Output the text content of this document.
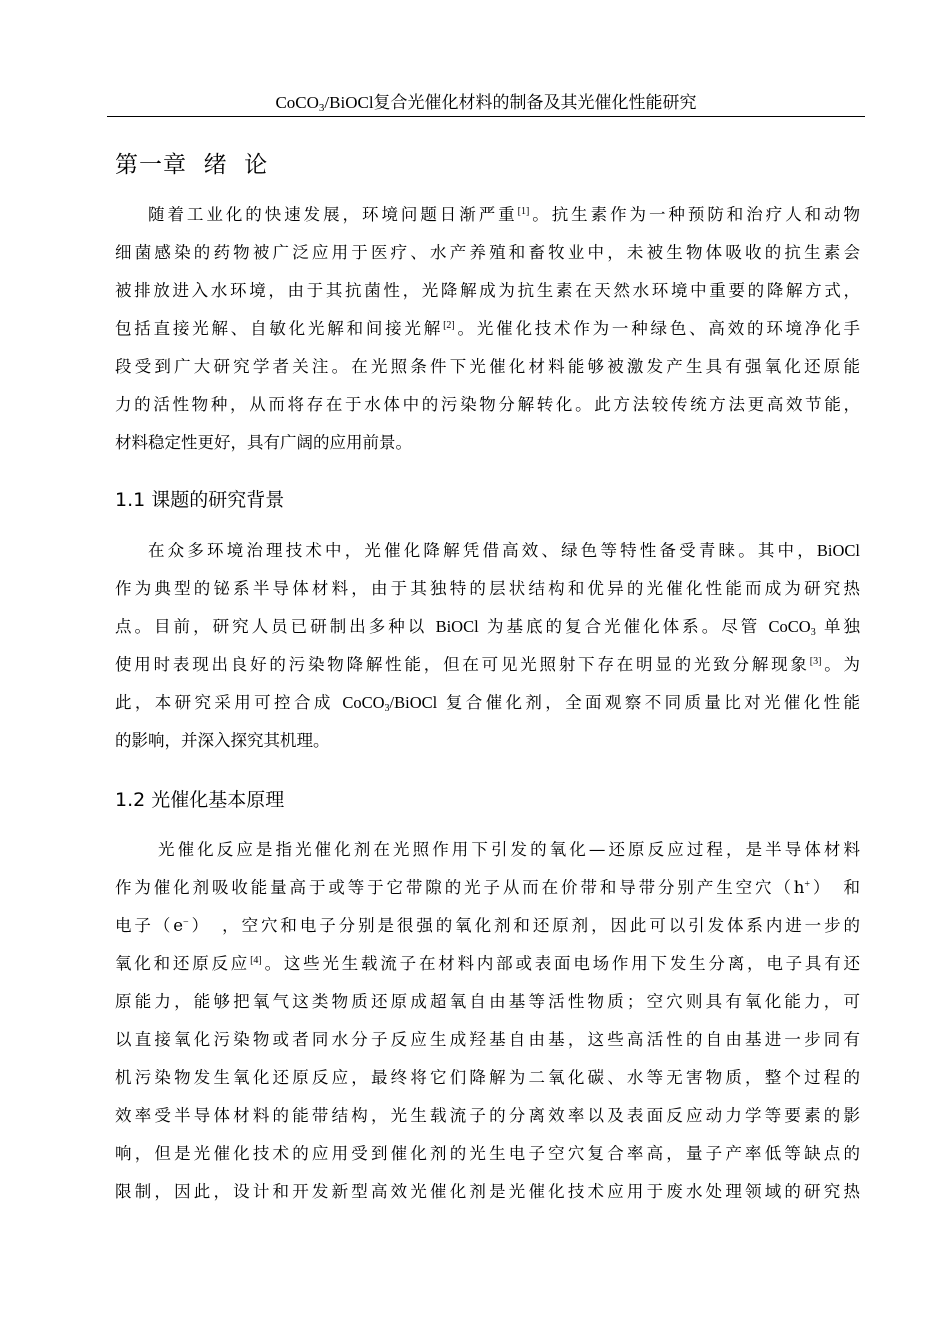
CoCO$_3$/BiOCl复合光催化材料的制备及其光催化性能研究
第一章  绪  论
随着工业化的快速发展，环境问题日渐严重[1]。抗生素作为一种预防和治疗人和动物
细菌感染的药物被广泛应用于医疗、水产养殖和畜牧业中，未被生物体吸收的抗生素会
被排放进入水环境，由于其抗菌性，光降解成为抗生素在天然水环境中重要的降解方式，
包括直接光解、自敏化光解和间接光解[2]。光催化技术作为一种绿色、高效的环境净化手
段受到广大研究学者关注。在光照条件下光催化材料能够被激发产生具有强氧化还原能
力的活性物种，从而将存在于水体中的污染物分解转化。此方法较传统方法更高效节能，
材料稳定性更好，具有广阔的应用前景。
1.1 课题的研究背景
在众多环境治理技术中，光催化降解凭借高效、绿色等特性备受青睐。其中，BiOCl
作为典型的铋系半导体材料，由于其独特的层状结构和优异的光催化性能而成为研究热
点。目前，研究人员已研制出多种以 BiOCl 为基底的复合光催化体系。尽管 CoCO$_3$ 单独
使用时表现出良好的污染物降解性能，但在可见光照射下存在明显的光致分解现象[3]。为
此，本研究采用可控合成 CoCO$_3$/BiOCl 复合催化剂，全面观察不同质量比对光催化性能
的影响，并深入探究其机理。
1.2 光催化基本原理
光催化反应是指光催化剂在光照作用下引发的氧化—还原反应过程，是半导体材料
作为催化剂吸收能量高于或等于它带隙的光子从而在价带和导带分别产生空穴（h+）　和
电子（e−）　，空穴和电子分别是很强的氧化剂和还原剂，因此可以引发体系内进一步的
氧化和还原反应[4]。这些光生载流子在材料内部或表面电场作用下发生分离，电子具有还
原能力，能够把氧气这类物质还原成超氧自由基等活性物质；空穴则具有氧化能力，可
以直接氧化污染物或者同水分子反应生成羟基自由基，这些高活性的自由基进一步同有
机污染物发生氧化还原反应，最终将它们降解为二氧化碳、水等无害物质，整个过程的
效率受半导体材料的能带结构，光生载流子的分离效率以及表面反应动力学等要素的影
响，但是光催化技术的应用受到催化剂的光生电子空穴复合率高，量子产率低等缺点的
限制，因此，设计和开发新型高效光催化剂是光催化技术应用于废水处理领域的研究热
